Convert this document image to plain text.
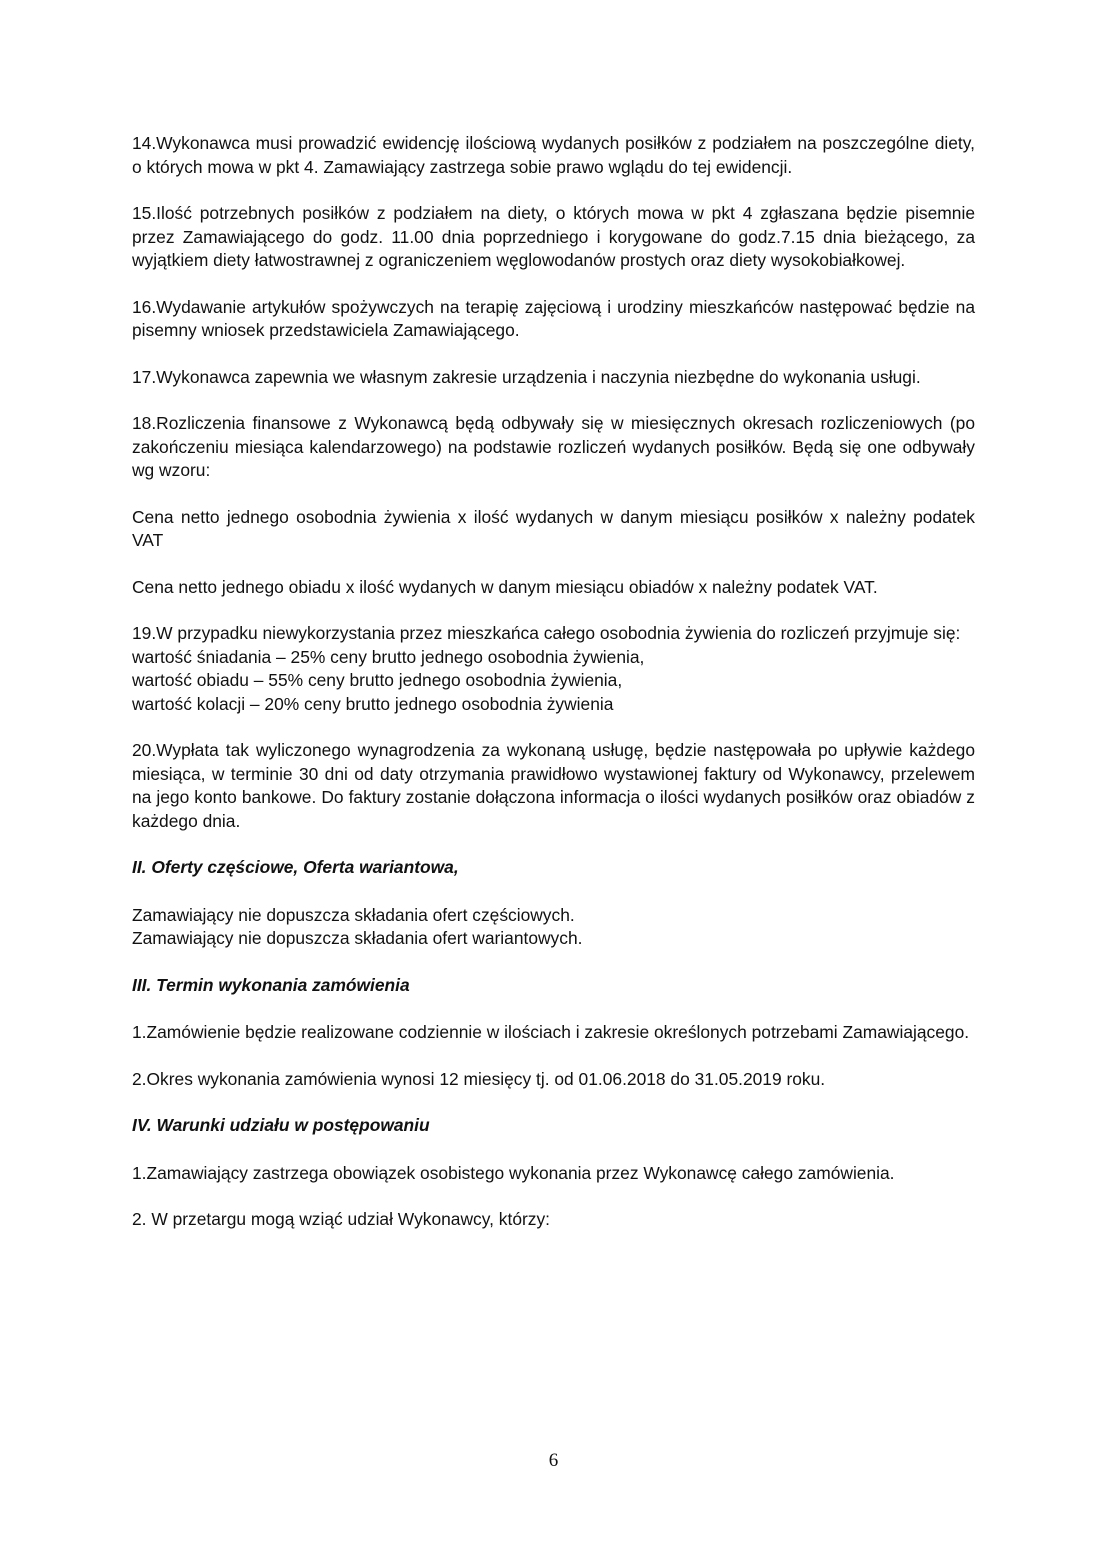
14.Wykonawca musi prowadzić ewidencję ilościową wydanych posiłków z podziałem na poszczególne diety, o których mowa w pkt 4. Zamawiający zastrzega sobie prawo wglądu do tej ewidencji.

15.Ilość potrzebnych posiłków z podziałem na diety, o których mowa w pkt 4 zgłaszana będzie pisemnie przez Zamawiającego do godz. 11.00 dnia poprzedniego i korygowane do godz.7.15 dnia bieżącego, za wyjątkiem diety łatwostrawnej z ograniczeniem węglowodanów prostych oraz diety wysokobiałkowej.

16.Wydawanie artykułów spożywczych na terapię zajęciową i urodziny mieszkańców następować będzie na pisemny wniosek przedstawiciela Zamawiającego.

17.Wykonawca zapewnia we własnym zakresie urządzenia i naczynia niezbędne do wykonania usługi.

18.Rozliczenia finansowe z Wykonawcą będą odbywały się w miesięcznych okresach rozliczeniowych (po zakończeniu miesiąca kalendarzowego) na podstawie rozliczeń wydanych posiłków. Będą się one odbywały wg wzoru:

Cena netto jednego osobodnia żywienia x ilość wydanych w danym miesiącu posiłków x należny podatek VAT

Cena netto jednego obiadu x ilość wydanych w danym miesiącu obiadów x należny podatek VAT.

19.W przypadku niewykorzystania przez mieszkańca całego osobodnia żywienia do rozliczeń przyjmuje się:
wartość śniadania – 25% ceny brutto jednego osobodnia żywienia,
wartość obiadu – 55% ceny brutto jednego osobodnia żywienia,
wartość kolacji – 20% ceny brutto jednego osobodnia żywienia

20.Wypłata tak wyliczonego wynagrodzenia za wykonaną usługę, będzie następowała po upływie każdego miesiąca, w terminie 30 dni od daty otrzymania prawidłowo wystawionej faktury od Wykonawcy, przelewem na jego konto bankowe. Do faktury zostanie dołączona informacja o ilości wydanych posiłków oraz obiadów z każdego dnia.

II. Oferty częściowe, Oferta wariantowa,
Zamawiający nie dopuszcza składania ofert częściowych.
Zamawiający nie dopuszcza składania ofert wariantowych.
III. Termin wykonania zamówienia

1.Zamówienie będzie realizowane codziennie w ilościach i zakresie określonych potrzebami Zamawiającego.

2.Okres wykonania zamówienia wynosi 12 miesięcy tj. od 01.06.2018 do 31.05.2019 roku.

IV. Warunki udziału w postępowaniu

1.Zamawiający zastrzega obowiązek osobistego wykonania przez Wykonawcę całego zamówienia.

2. W przetargu mogą wziąć udział Wykonawcy, którzy:

6
